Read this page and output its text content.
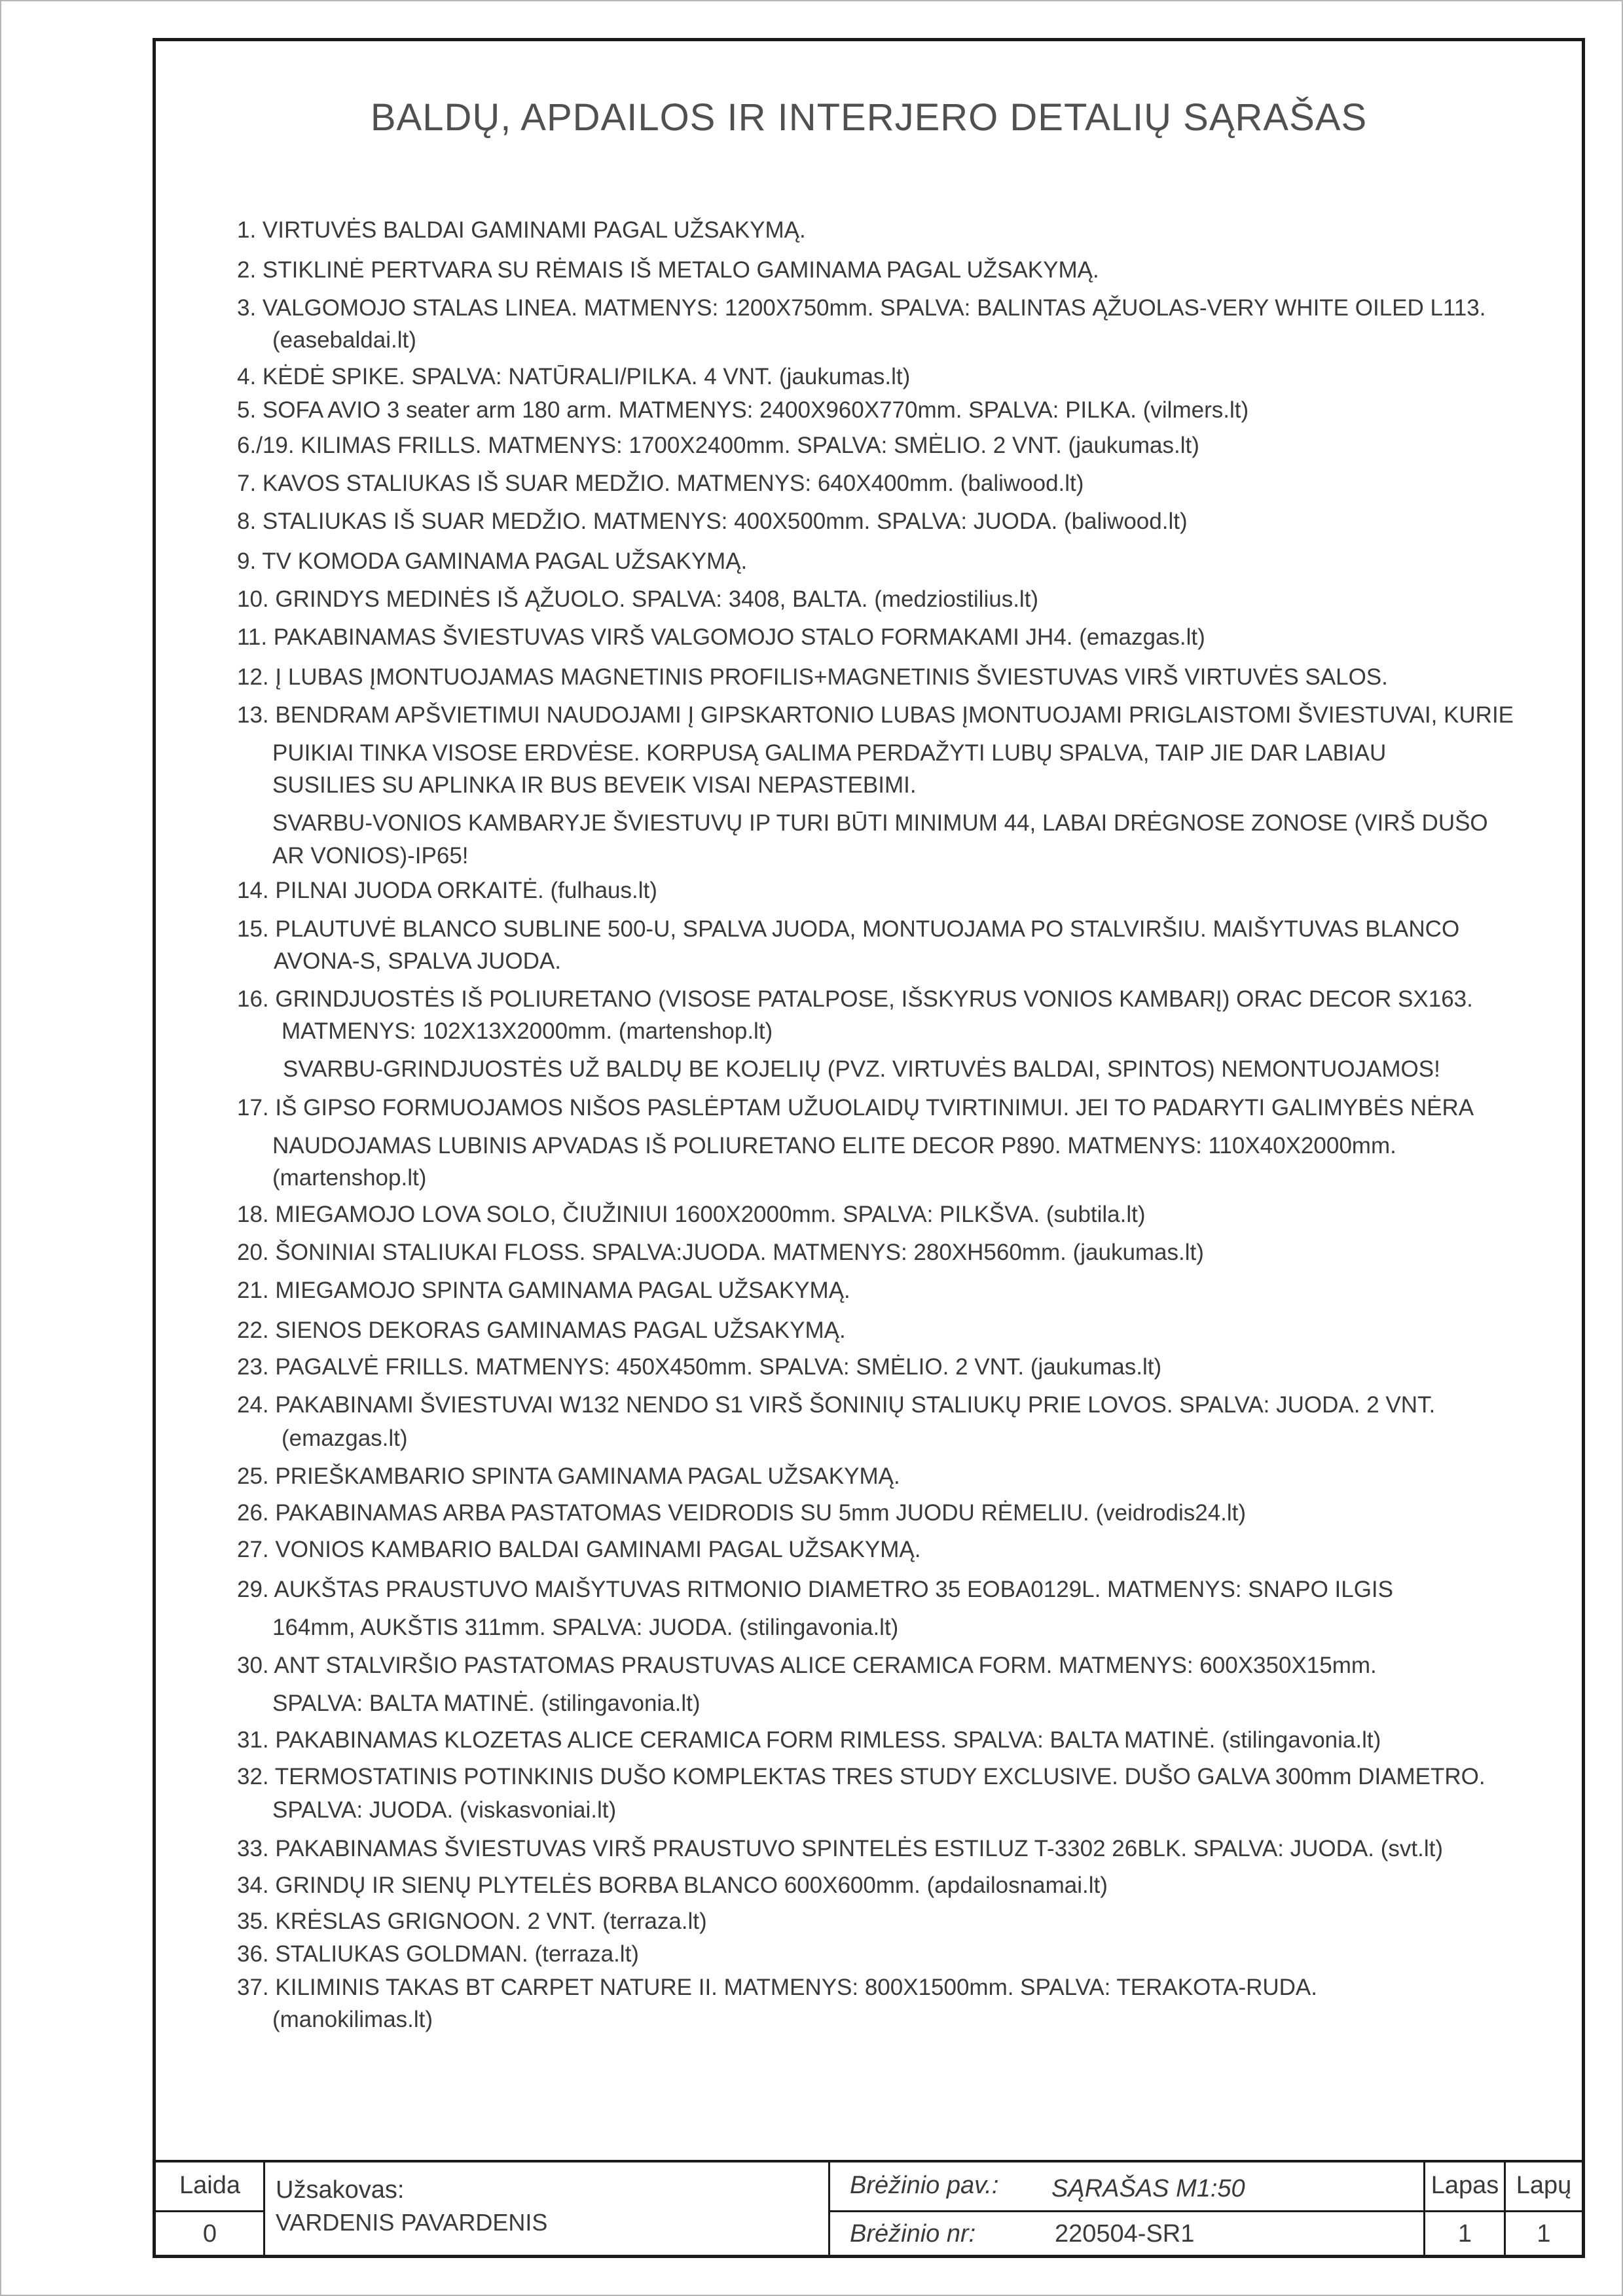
BALDŲ, APDAILOS IR INTERJERO DETALIŲ SĄRAŠAS
1. VIRTUVĖS BALDAI GAMINAMI PAGAL UŽSAKYMĄ.
2. STIKLINĖ PERTVARA SU RĖMAIS IŠ METALO GAMINAMA PAGAL UŽSAKYMĄ.
3. VALGOMOJO STALAS LINEA. MATMENYS: 1200X750mm. SPALVA: BALINTAS ĄŽUOLAS-VERY WHITE OILED L113.
(easebaldai.lt)
4. KĖDĖ SPIKE. SPALVA: NATŪRALI/PILKA. 4 VNT. (jaukumas.lt)
5. SOFA AVIO 3 seater arm 180 arm. MATMENYS: 2400X960X770mm. SPALVA: PILKA. (vilmers.lt)
6./19. KILIMAS FRILLS. MATMENYS: 1700X2400mm. SPALVA: SMĖLIO. 2 VNT. (jaukumas.lt)
7. KAVOS STALIUKAS IŠ SUAR MEDŽIO. MATMENYS: 640X400mm. (baliwood.lt)
8. STALIUKAS IŠ SUAR MEDŽIO. MATMENYS: 400X500mm. SPALVA: JUODA. (baliwood.lt)
9. TV KOMODA GAMINAMA PAGAL UŽSAKYMĄ.
10. GRINDYS MEDINĖS IŠ ĄŽUOLO. SPALVA: 3408, BALTA. (medziostilius.lt)
11. PAKABINAMAS ŠVIESTUVAS VIRŠ VALGOMOJO STALO FORMAKAMI JH4. (emazgas.lt)
12. Į LUBAS ĮMONTUOJAMAS MAGNETINIS PROFILIS+MAGNETINIS ŠVIESTUVAS VIRŠ VIRTUVĖS SALOS.
13. BENDRAM APŠVIETIMUI NAUDOJAMI Į GIPSKARTONIO LUBAS ĮMONTUOJAMI PRIGLAISTOMI ŠVIESTUVAI, KURIE
PUIKIAI TINKA VISOSE ERDVĖSE. KORPUSĄ GALIMA PERDAŽYTI LUBŲ SPALVA, TAIP JIE DAR LABIAU
SUSILIES SU APLINKA IR BUS BEVEIK VISAI NEPASTEBIMI.
SVARBU-VONIOS KAMBARYJE ŠVIESTUVŲ IP TURI BŪTI MINIMUM 44, LABAI DRĖGNOSE ZONOSE (VIRŠ DUŠO
AR VONIOS)-IP65!
14. PILNAI JUODA ORKAITĖ. (fulhaus.lt)
15. PLAUTUVĖ BLANCO SUBLINE 500-U, SPALVA JUODA, MONTUOJAMA PO STALVIRŠIU. MAIŠYTUVAS BLANCO
AVONA-S, SPALVA JUODA.
16. GRINDJUOSTĖS IŠ POLIURETANO (VISOSE PATALPOSE, IŠSKYRUS VONIOS KAMBARĮ) ORAC DECOR SX163.
MATMENYS: 102X13X2000mm. (martenshop.lt)
SVARBU-GRINDJUOSTĖS UŽ BALDŲ BE KOJELIŲ (PVZ. VIRTUVĖS BALDAI, SPINTOS) NEMONTUOJAMOS!
17. IŠ GIPSO FORMUOJAMOS NIŠOS PASLĖPTAM UŽUOLAIDŲ TVIRTINIMUI. JEI TO PADARYTI GALIMYBĖS NĖRA
NAUDOJAMAS LUBINIS APVADAS IŠ POLIURETANO ELITE DECOR P890. MATMENYS: 110X40X2000mm.
(martenshop.lt)
18. MIEGAMOJO LOVA SOLO, ČIUŽINIUI 1600X2000mm. SPALVA: PILKŠVA. (subtila.lt)
20. ŠONINIAI STALIUKAI FLOSS. SPALVA:JUODA. MATMENYS: 280XH560mm. (jaukumas.lt)
21. MIEGAMOJO SPINTA GAMINAMA PAGAL UŽSAKYMĄ.
22. SIENOS DEKORAS GAMINAMAS PAGAL UŽSAKYMĄ.
23. PAGALVĖ FRILLS. MATMENYS: 450X450mm. SPALVA: SMĖLIO. 2 VNT. (jaukumas.lt)
24. PAKABINAMI ŠVIESTUVAI W132 NENDO S1 VIRŠ ŠONINIŲ STALIUKŲ PRIE LOVOS. SPALVA: JUODA. 2 VNT.
(emazgas.lt)
25. PRIEŠKAMBARIO SPINTA GAMINAMA PAGAL UŽSAKYMĄ.
26. PAKABINAMAS ARBA PASTATOMAS VEIDRODIS SU 5mm JUODU RĖMELIU. (veidrodis24.lt)
27. VONIOS KAMBARIO BALDAI GAMINAMI PAGAL UŽSAKYMĄ.
29. AUKŠTAS PRAUSTUVO MAIŠYTUVAS RITMONIO DIAMETRO 35 EOBA0129L. MATMENYS: SNAPO ILGIS
164mm, AUKŠTIS 311mm. SPALVA: JUODA. (stilingavonia.lt)
30. ANT STALVIRŠIO PASTATOMAS PRAUSTUVAS ALICE CERAMICA FORM. MATMENYS: 600X350X15mm.
SPALVA: BALTA MATINĖ. (stilingavonia.lt)
31. PAKABINAMAS KLOZETAS ALICE CERAMICA FORM RIMLESS. SPALVA: BALTA MATINĖ. (stilingavonia.lt)
32. TERMOSTATINIS POTINKINIS DUŠO KOMPLEKTAS TRES STUDY EXCLUSIVE. DUŠO GALVA 300mm DIAMETRO.
SPALVA: JUODA. (viskasvoniai.lt)
33. PAKABINAMAS ŠVIESTUVAS VIRŠ PRAUSTUVO SPINTELĖS ESTILUZ T-3302 26BLK. SPALVA: JUODA. (svt.lt)
34. GRINDŲ IR SIENŲ PLYTELĖS BORBA BLANCO 600X600mm. (apdailosnamai.lt)
35. KRĖSLAS GRIGNOON. 2 VNT. (terraza.lt)
36. STALIUKAS GOLDMAN. (terraza.lt)
37. KILIMINIS TAKAS BT CARPET NATURE II. MATMENYS: 800X1500mm. SPALVA: TERAKOTA-RUDA.
(manokilimas.lt)
Laida
0
Užsakovas:
VARDENIS PAVARDENIS
Brėžinio pav.: SĄRAŠAS M1:50
Brėžinio nr:	220504-SR1
Lapas
1
Lapų
1
